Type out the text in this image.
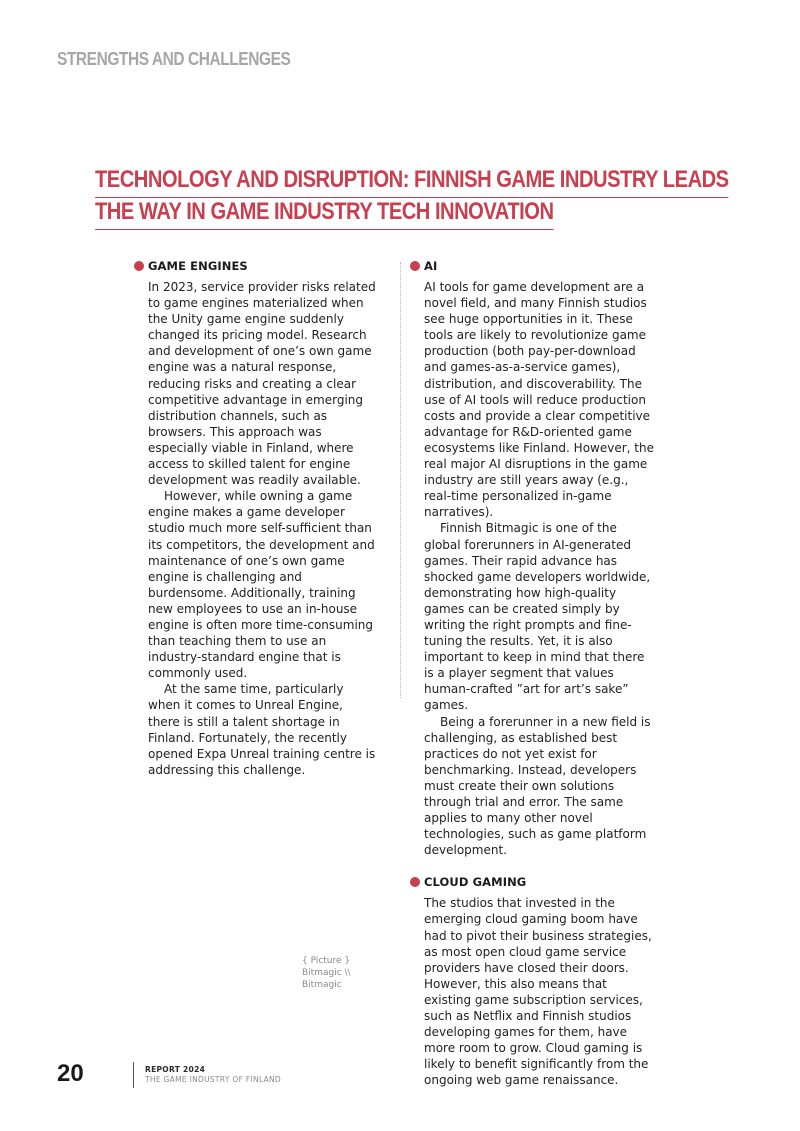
STRENGTHS AND CHALLENGES
TECHNOLOGY AND DISRUPTION: FINNISH GAME INDUSTRY LEADS
THE WAY IN GAME INDUSTRY TECH INNOVATION
GAME ENGINES

In 2023, service provider risks related to game engines materialized when the Unity game engine suddenly changed its pricing model. Research and development of one’s own game engine was a natural response, reducing risks and creating a clear competitive advantage in emerging distribution channels, such as browsers. This approach was especially viable in Finland, where access to skilled talent for engine development was readily available.

However, while owning a game engine makes a game developer studio much more self-sufficient than its competitors, the development and maintenance of one’s own game engine is challenging and burdensome. Additionally, training new employees to use an in-house engine is often more time-consuming than teaching them to use an industry-standard engine that is commonly used.

At the same time, particularly when it comes to Unreal Engine, there is still a talent shortage in Finland. Fortunately, the recently opened Expa Unreal training centre is addressing this challenge.

AI

AI tools for game development are a novel field, and many Finnish studios see huge opportunities in it. These tools are likely to revolutionize game production (both pay-per-download and games-as-a-service games), distribution, and discoverability. The use of AI tools will reduce production costs and provide a clear competitive advantage for R&D-oriented game ecosystems like Finland. However, the real major AI disruptions in the game industry are still years away (e.g., real-time personalized in-game narratives).

Finnish Bitmagic is one of the global forerunners in AI-generated games. Their rapid advance has shocked game developers worldwide, demonstrating how high-quality games can be created simply by writing the right prompts and fine-tuning the results. Yet, it is also important to keep in mind that there is a player segment that values human-crafted ”art for art’s sake” games.

Being a forerunner in a new field is challenging, as established best practices do not yet exist for benchmarking. Instead, developers must create their own solutions through trial and error. The same applies to many other novel technologies, such as game platform development.

CLOUD GAMING

The studios that invested in the emerging cloud gaming boom have had to pivot their business strategies, as most open cloud game service providers have closed their doors. However, this also means that existing game subscription services, such as Netflix and Finnish studios developing games for them, have more room to grow. Cloud gaming is likely to benefit significantly from the ongoing web game renaissance.

{ Picture }
Bitmagic \\
Bitmagic
20	REPORT 2024
THE GAME INDUSTRY OF FINLAND
